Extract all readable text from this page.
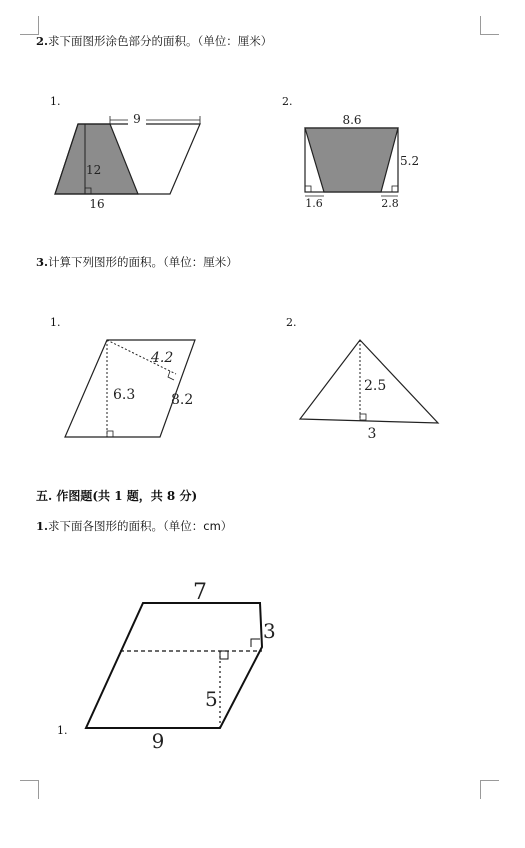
2.求下面图形涂色部分的面积。（单位：厘米）
1.
9
12
16
2.
8.6
5.2
1.6	2.8
3.计算下列图形的面积。（单位：厘米）
1.
4.2
6.3	8.2
2.
2.5
3
五. 作图题(共 1 题，共 8 分)
1.求下面各图形的面积。（单位：cm）
1.
7
3
5
9
